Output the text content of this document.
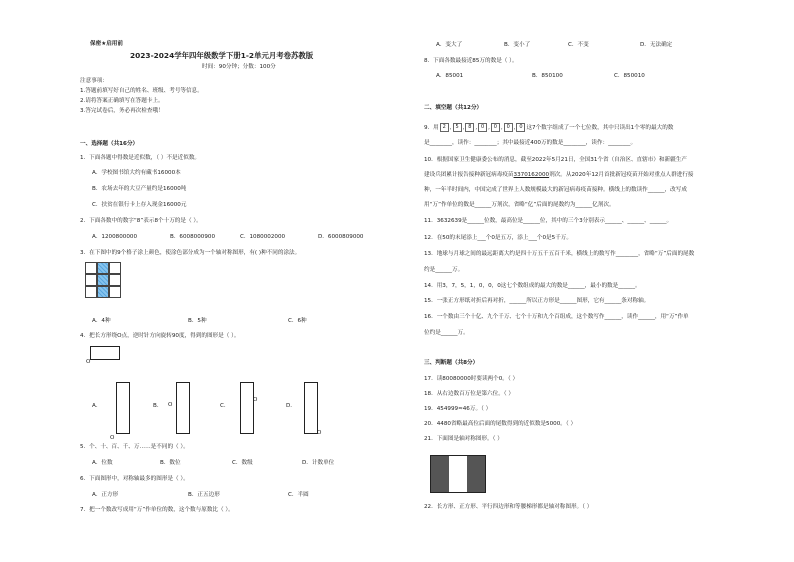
保密★启用前
2023-2024学年四年级数学下册1-2单元月考卷苏教版
时间：90分钟；分数：100分
注意事项：
1.答题前填写好自己的姓名、班级、考号等信息。
2.请将答案正确填写在答题卡上。
3.答完试卷后，务必再次检查哦！
一、选择题（共16分）
1．下面各题中得数是近似数，（ ）不是近似数。
A．学校图书馆大约有藏书16000本
B．农场去年的大豆产量约是16000吨
C．扶贫在银行卡上存入现金16000元
2．下面各数中的数字“8”表示8个十万的是（ ）。
A．1200800000	B．6008000900	C．1080002000	D．6000809000
3．在下图中的9个格子涂上颜色，使涂色部分成为一个轴对称图形，有( )种不同的涂法。
A．4种	B．5种	C．6种
4．把长方形绕O点，逆时针方向旋转90度，得到的图形是（ ）。
O
A．
O
B． O	C．
O
D．
O
5．个、十、百、千、万……是不同的（ ）。
A．位数	B．数位	C．数级	D．计数单位
6．下面图形中，对称轴最多的图形是（ ）。
A．正方形	B．正五边形	C．半圆
7．把一个数改写成用“万”作单位的数，这个数与原数比（ ）。
A．变大了	B．变小了	C．不变	D．无法确定
8．下面各数最接近85万的数是（ ）。
A．85001	B．850100	C．850010
二、填空题（共12分）
9．用 2 , 5 , 8 , 0 , 0 , 0 , 0 这7个数字组成了一个七位数，其中只读出1个零的最大的数
是________，读作：________；其中最接近400万的数是________，读作：________。
10．根据国家卫生健康委公布的消息，截至2022年5月21日，全国31个省（自治区、直辖市）和新疆生产
建设兵团累计报告接种新冠病毒疫苗3370162000剂次。从2020年12月首批新冠疫苗开始对重点人群进行接
种，一年半时间内，中国完成了世界上人数规模最大的新冠病毒疫苗接种。横线上的数读作______，改写成
用“万”作单位的数是______万剂次，省略“亿”后面的尾数约为______亿剂次。
11．3632639是______位数，最高位是______位，其中的三个3分别表示______、______、______。
12．在50的末尾添上___个0是五万，添上___个0是5千万。
13．地球与月球之间的最远距离大约是四十万五千五百千米，横线上的数写作________，省略“万”后面的尾数
约是______万。
14．用3，7，5，1，0，0，0这七个数组成的最大的数是______，最小的数是______。
15．一张正方形纸对折后再对折，______所以正方形是______图形，它有______条对称轴。
16．一个数由三个十亿、九个千万、七个十万和九个百组成，这个数写作______，读作______，用“万”作单
位约是______万。
三、判断题（共8分）
17．读80080000时要读两个0。（ ）
18．从右边数百万位是第六位。（ ）
19．454999≈46万。（ ）
20．4480省略最高位后面的尾数得到的近似数是5000。（ ）
21．下面图是轴对称图形。（ ）
22．长方形、正方形、平行四边形和等腰梯形都是轴对称图形。（ ）
